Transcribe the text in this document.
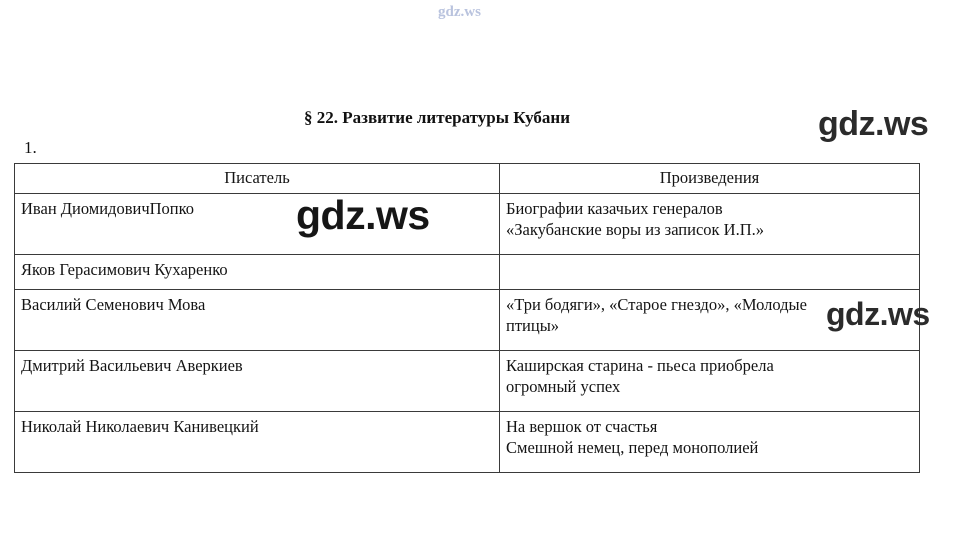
gdz.ws
gdz.ws
§ 22. Развитие литературы Кубани
1.
Писатель	Произведения
Иван ДиомидовичПопко	Биографии казачьих генералов
«Закубанские воры из записок И.П.»

Яков Герасимович Кухаренко	

Василий Семенович Мова	«Три бодяги», «Старое гнездо», «Молодые
птицы»

Дмитрий Васильевич Аверкиев	Каширская старина - пьеса приобрела
огромный успех

Николай Николаевич Канивецкий	На вершок от счастья
Смешной немец, перед монополией
gdz.ws
gdz.ws
